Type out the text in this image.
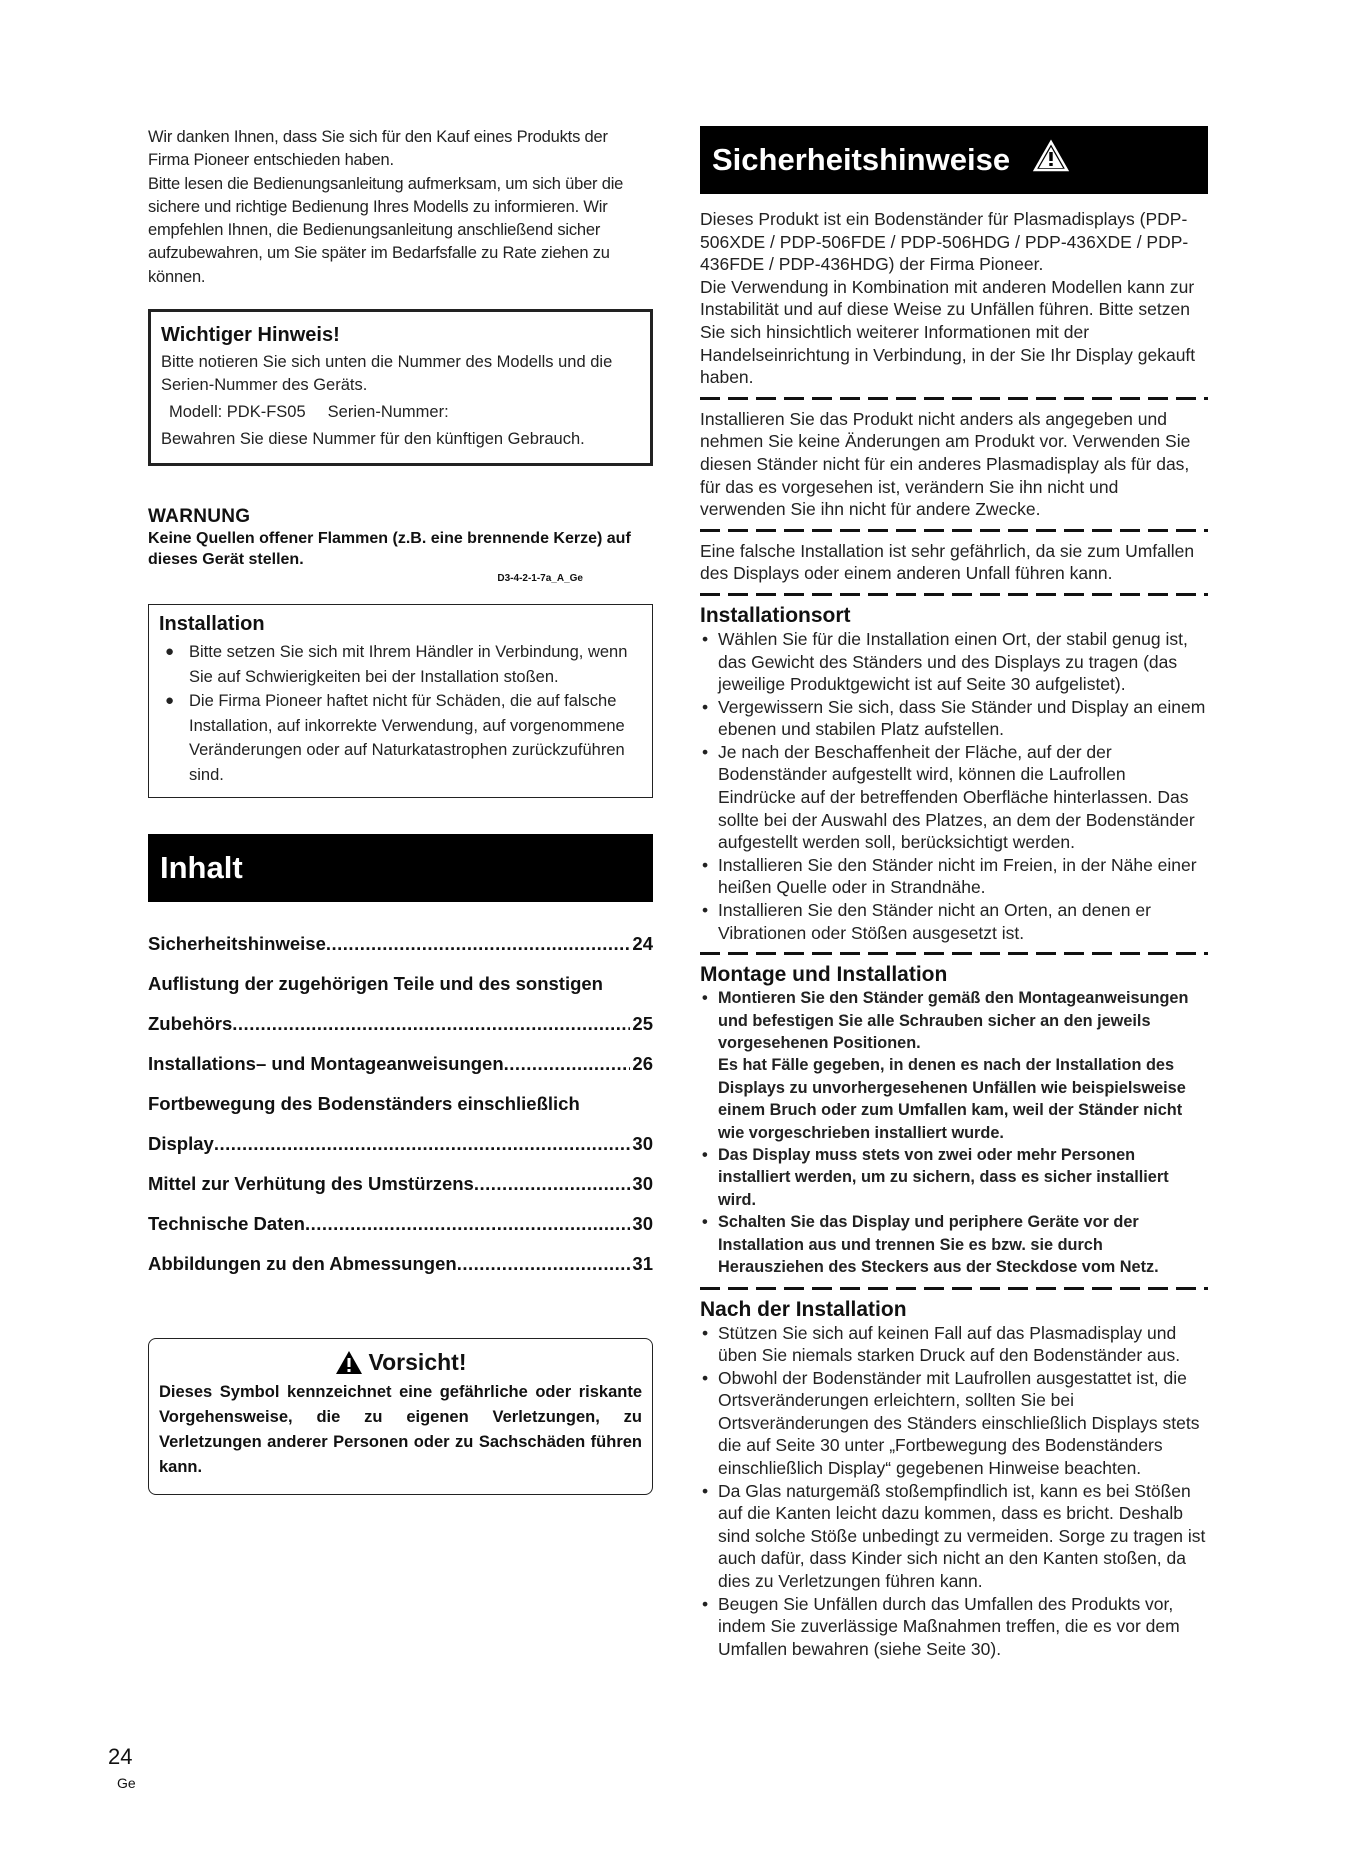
Wir danken Ihnen, dass Sie sich für den Kauf eines Produkts der Firma Pioneer entschieden haben.

Bitte lesen die Bedienungsanleitung aufmerksam, um sich über die sichere und richtige Bedienung Ihres Modells zu informieren. Wir empfehlen Ihnen, die Bedienungsanleitung anschließend sicher aufzubewahren, um Sie später im Bedarfsfalle zu Rate ziehen zu können.

Wichtiger Hinweis!

Bitte notieren Sie sich unten die Nummer des Modells und die Serien-Nummer des Geräts.

Modell: PDK-FS05 Serien-Nummer:

Bewahren Sie diese Nummer für den künftigen Gebrauch.

WARNUNG

Keine Quellen offener Flammen (z.B. eine brennende Kerze) auf dieses Gerät stellen.

D3-4-2-1-7a_A_Ge
Installation
● Bitte setzen Sie sich mit Ihrem Händler in Verbindung, wenn Sie auf Schwierigkeiten bei der Installation stoßen.
● Die Firma Pioneer haftet nicht für Schäden, die auf falsche Installation, auf inkorrekte Verwendung, auf vorgenommene Veränderungen oder auf Naturkatastrophen zurückzuführen sind.
Inhalt
Sicherheitshinweise .....	24
Auflistung der zugehörigen Teile und des sonstigen
Zubehörs .....	25
Installations– und Montageanweisungen .....	26
Fortbewegung des Bodenständers einschließlich
Display .....	30
Mittel zur Verhütung des Umstürzens .....	30
Technische Daten .....	30
Abbildungen zu den Abmessungen .....	31
Vorsicht!

Dieses Symbol kennzeichnet eine gefährliche oder riskante Vorgehensweise, die zu eigenen Verletzungen, zu Verletzungen anderer Personen oder zu Sachschäden führen kann.

Sicherheitshinweise

Dieses Produkt ist ein Bodenständer für Plasmadisplays (PDP-506XDE / PDP-506FDE / PDP-506HDG / PDP-436XDE / PDP-436FDE / PDP-436HDG) der Firma Pioneer.

Die Verwendung in Kombination mit anderen Modellen kann zur Instabilität und auf diese Weise zu Unfällen führen. Bitte setzen Sie sich hinsichtlich weiterer Informationen mit der Handelseinrichtung in Verbindung, in der Sie Ihr Display gekauft haben.

Installieren Sie das Produkt nicht anders als angegeben und nehmen Sie keine Änderungen am Produkt vor. Verwenden Sie diesen Ständer nicht für ein anderes Plasmadisplay als für das, für das es vorgesehen ist, verändern Sie ihn nicht und verwenden Sie ihn nicht für andere Zwecke.

Eine falsche Installation ist sehr gefährlich, da sie zum Umfallen des Displays oder einem anderen Unfall führen kann.

Installationsort
• Wählen Sie für die Installation einen Ort, der stabil genug ist, das Gewicht des Ständers und des Displays zu tragen (das jeweilige Produktgewicht ist auf Seite 30 aufgelistet).
• Vergewissern Sie sich, dass Sie Ständer und Display an einem ebenen und stabilen Platz aufstellen.
• Je nach der Beschaffenheit der Fläche, auf der der Bodenständer aufgestellt wird, können die Laufrollen Eindrücke auf der betreffenden Oberfläche hinterlassen. Das sollte bei der Auswahl des Platzes, an dem der Bodenständer aufgestellt werden soll, berücksichtigt werden.
• Installieren Sie den Ständer nicht im Freien, in der Nähe einer heißen Quelle oder in Strandnähe.
• Installieren Sie den Ständer nicht an Orten, an denen er Vibrationen oder Stößen ausgesetzt ist.
Montage und Installation

• Montieren Sie den Ständer gemäß den Montageanweisungen und befestigen Sie alle Schrauben sicher an den jeweils vorgesehenen Positionen.

Es hat Fälle gegeben, in denen es nach der Installation des Displays zu unvorhergesehenen Unfällen wie beispielsweise einem Bruch oder zum Umfallen kam, weil der Ständer nicht wie vorgeschrieben installiert wurde.

• Das Display muss stets von zwei oder mehr Personen installiert werden, um zu sichern, dass es sicher installiert wird.
• Schalten Sie das Display und periphere Geräte vor der Installation aus und trennen Sie es bzw. sie durch Herausziehen des Steckers aus der Steckdose vom Netz.
Nach der Installation
• Stützen Sie sich auf keinen Fall auf das Plasmadisplay und üben Sie niemals starken Druck auf den Bodenständer aus.
• Obwohl der Bodenständer mit Laufrollen ausgestattet ist, die Ortsveränderungen erleichtern, sollten Sie bei Ortsveränderungen des Ständers einschließlich Displays stets die auf Seite 30 unter „Fortbewegung des Bodenständers einschließlich Display“ gegebenen Hinweise beachten.
• Da Glas naturgemäß stoßempfindlich ist, kann es bei Stößen auf die Kanten leicht dazu kommen, dass es bricht. Deshalb sind solche Stöße unbedingt zu vermeiden. Sorge zu tragen ist auch dafür, dass Kinder sich nicht an den Kanten stoßen, da dies zu Verletzungen führen kann.
• Beugen Sie Unfällen durch das Umfallen des Produkts vor, indem Sie zuverlässige Maßnahmen treffen, die es vor dem Umfallen bewahren (siehe Seite 30).
24
Ge
